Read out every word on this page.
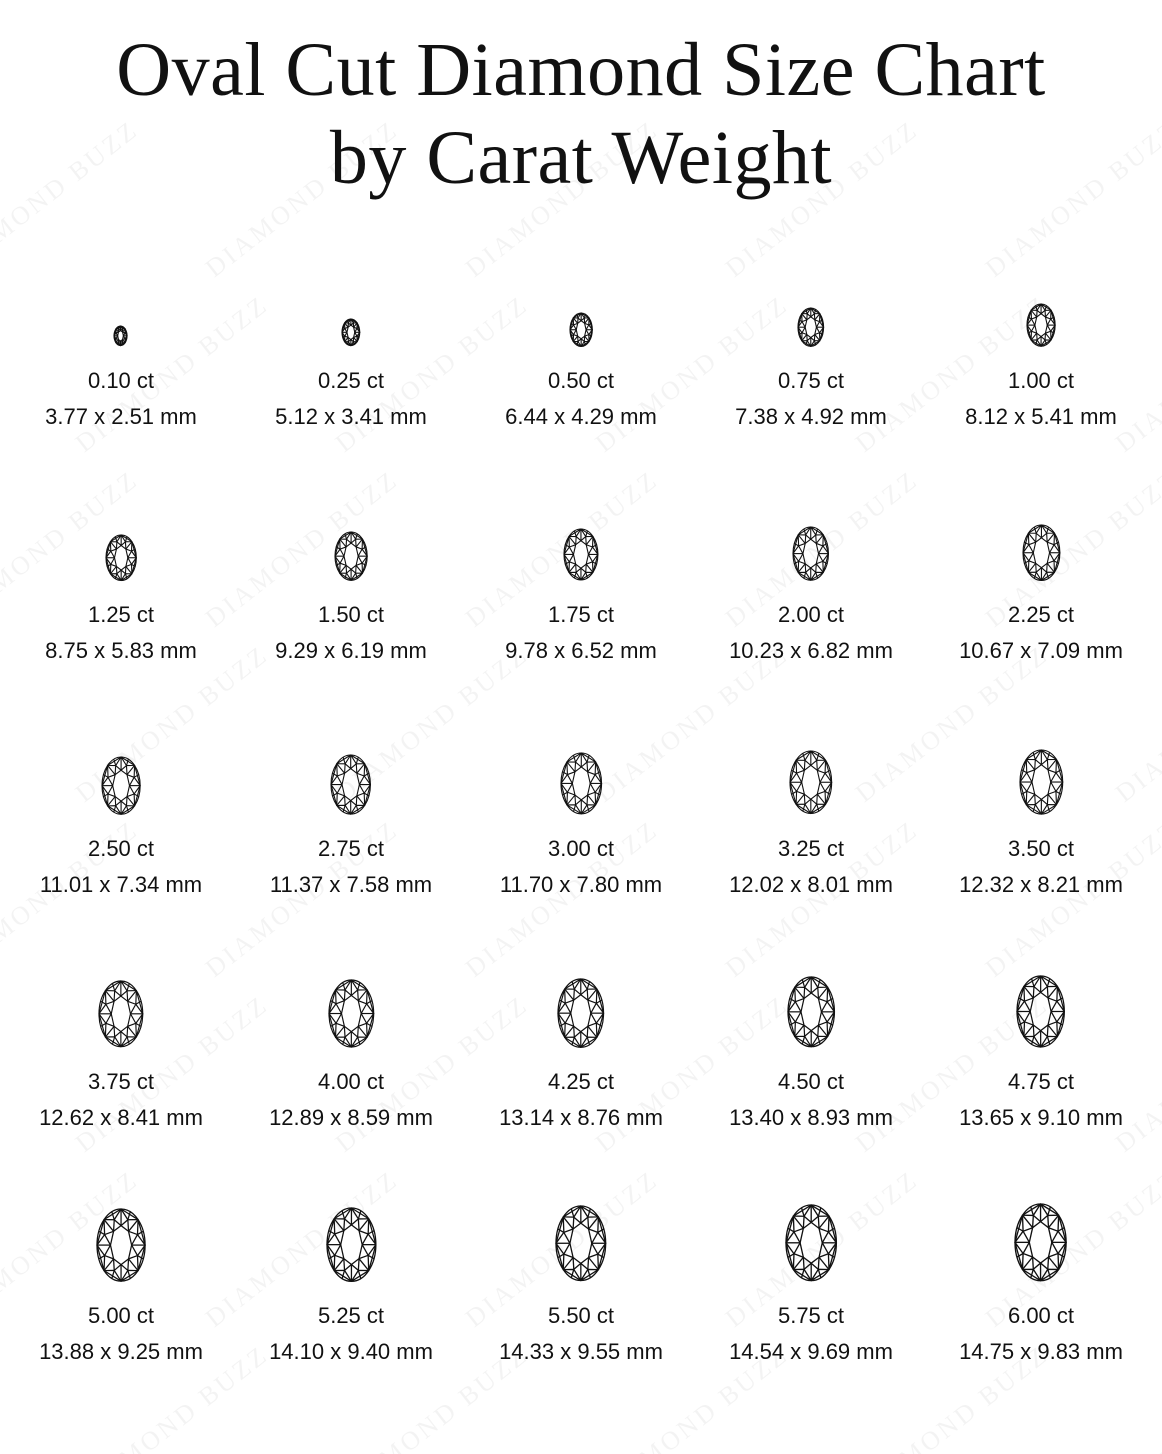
Oval Cut Diamond Size Chart
by Carat Weight
0.10 ct
3.77 x 2.51 mm
0.25 ct
5.12 x 3.41 mm
0.50 ct
6.44 x 4.29 mm
0.75 ct
7.38 x 4.92 mm
1.00 ct
8.12 x 5.41 mm
1.25 ct
8.75 x 5.83 mm
1.50 ct
9.29 x 6.19 mm
1.75 ct
9.78 x 6.52 mm
2.00 ct
10.23 x 6.82 mm
2.25 ct
10.67 x 7.09 mm
2.50 ct
11.01 x 7.34 mm
2.75 ct
11.37 x 7.58 mm
3.00 ct
11.70 x 7.80 mm
3.25 ct
12.02 x 8.01 mm
3.50 ct
12.32 x 8.21 mm
3.75 ct
12.62 x 8.41 mm
4.00 ct
12.89 x 8.59 mm
4.25 ct
13.14 x 8.76 mm
4.50 ct
13.40 x 8.93 mm
4.75 ct
13.65 x 9.10 mm
5.00 ct
13.88 x 9.25 mm
5.25 ct
14.10 x 9.40 mm
5.50 ct
14.33 x 9.55 mm
5.75 ct
14.54 x 9.69 mm
6.00 ct
14.75 x 9.83 mm
